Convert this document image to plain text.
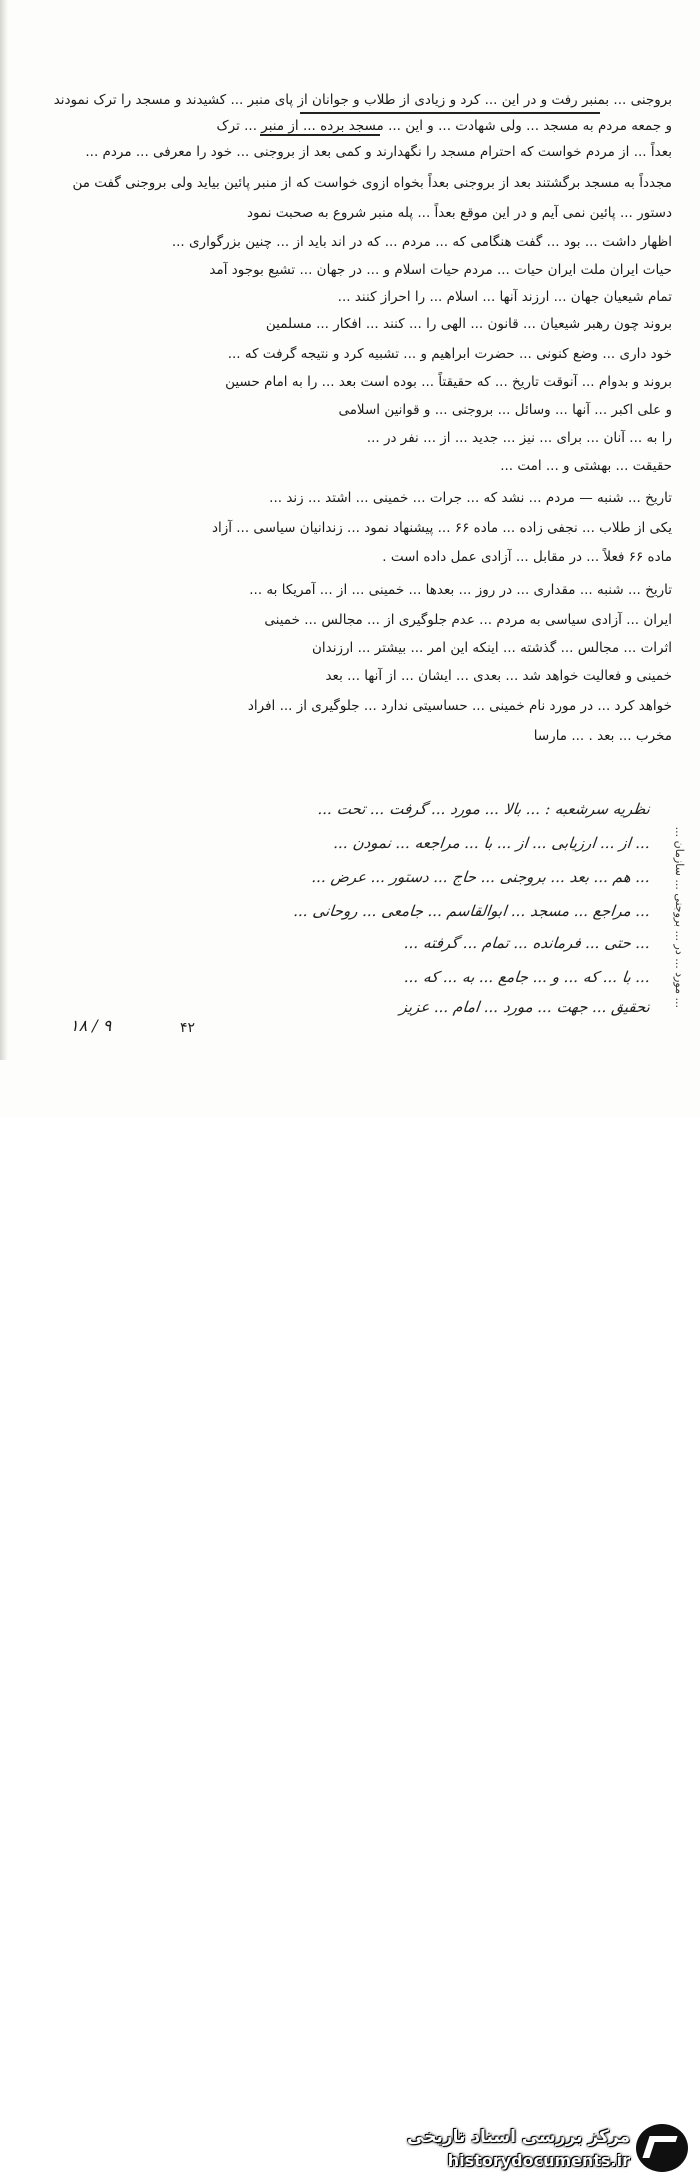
بروجنی ... بمنبر رفت و در این ... کرد و زیادی از طلاب و جوانان از پای منبر ... کشیدند و مسجد را ترک نمودند
و جمعه مردم به مسجد ... ولی شهادت ... و این ... مسجد برده ... از منبر ... ترک
بعداً ... از مردم خواست که احترام مسجد را نگهدارند و کمی بعد از بروجنی ... خود را معرفی ... مردم ...
مجدداً به مسجد برگشتند بعد از بروجنی بعداً بخواه ازوی خواست که از منبر پائین بیاید ولی بروجنی گفت من
دستور ... پائین نمی آیم و در این موقع بعداً ... پله منبر شروع به صحبت نمود
اظهار داشت ... بود ... گفت هنگامی که ... مردم ... که در اند باید از ... چنین بزرگواری ...
حیات ایران ملت ایران حیات ... مردم حیات اسلام و ... در جهان ... تشیع بوجود آمد
تمام شیعیان جهان ... ارزند آنها ... اسلام ... را احراز کنند ...
بروند چون رهبر شیعیان ... قانون ... الهی را ... کنند ... افکار ... مسلمین
خود داری ... وضع کنونی ... حضرت ابراهیم و ... تشبیه کرد و نتیجه گرفت که ...
بروند و بدوام ... آنوقت تاریخ ... که حقیقتاً ... بوده است بعد ... را به امام حسین
و علی اکبر ... آنها ... وسائل ... بروجنی ... و قوانین اسلامی
را به ... آنان ... برای ... نیز ... جدید ... از ... نفر در ...
حقیقت ... بهشتی و ... امت ...
تاریخ ... شنبه — مردم ... نشد که ... جرات ... خمینی ... اشتد ... زند ...
یکی از طلاب ... نجفی زاده ... ماده ۶۶ ... پیشنهاد نمود ... زندانیان سیاسی ... آزاد
ماده ۶۶ فعلاً ... در مقابل ... آزادی عمل داده است .
تاریخ ... شنبه ... مقداری ... در روز ... بعدها ... خمینی ... از ... آمریکا به ...
ایران ... آزادی سیاسی به مردم ... عدم جلوگیری از ... مجالس ... خمینی
اثرات ... مجالس ... گذشته ... اینکه این امر ... بیشتر ... ارزندان
خمینی و فعالیت خواهد شد ... بعدی ... ایشان ... از آنها ... بعد
خواهد کرد ... در مورد نام خمینی ... حساسیتی ندارد ... جلوگیری از ... افراد
مخرب ... بعد . ... مارسا
نظریه سرشعبه : ... بالا ... مورد ... گرفت ... تحت ...
... از ... ارزیابی ... از ... با ... مراجعه ... نمودن ...
... هم ... بعد ... بروجنی ... حاج ... دستور ... عرض ...
... مراجع ... مسجد ... ابوالقاسم ... جامعی ... روحانی ...
... حتی ... فرمانده ... تمام ... گرفته ...
... با ... که ... و ... جامع ... به ... که ...
تحقیق ... جهت ... مورد ... امام ... عزیز	... مورد ... در ... بروجنی ... سازمان ...
۱۸ / ۹	۴۲
مرکز بررسی اسناد تاریخی
historydocuments.ir
